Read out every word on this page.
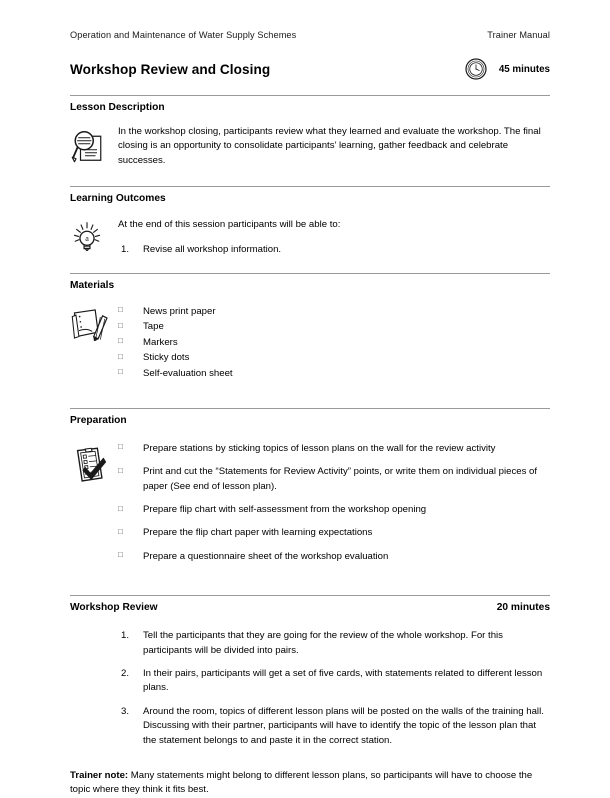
Operation and Maintenance of Water Supply Schemes	Trainer Manual
Workshop Review and Closing	45 minutes
Lesson Description

In the workshop closing, participants review what they learned and evaluate the workshop. The final closing is an opportunity to consolidate participants’ learning, gather feedback and celebrate successes.

Learning Outcomes
a

At the end of this session participants will be able to:

Revise all workshop information.
Materials
□ News print paper
□ Tape
□ Markers
□ Sticky dots
□ Self-evaluation sheet
Preparation
□ Prepare stations by sticking topics of lesson plans on the wall for the review activity
□ Print and cut the “Statements for Review Activity” points, or write them on individual pieces of paper (See end of lesson plan).
□ Prepare flip chart with self-assessment from the workshop opening
□ Prepare the flip chart paper with learning expectations
□ Prepare a questionnaire sheet of the workshop evaluation
Workshop Review	20 minutes
Tell the participants that they are going for the review of the whole workshop. For this participants will be divided into pairs.
In their pairs, participants will get a set of five cards, with statements related to different lesson plans.
Around the room, topics of different lesson plans will be posted on the walls of the training hall. Discussing with their partner, participants will have to identify the topic of the lesson plan that the statement belongs to and paste it in the correct station.

Trainer note: Many statements might belong to different lesson plans, so participants will have to choose the topic where they think it fits best.
